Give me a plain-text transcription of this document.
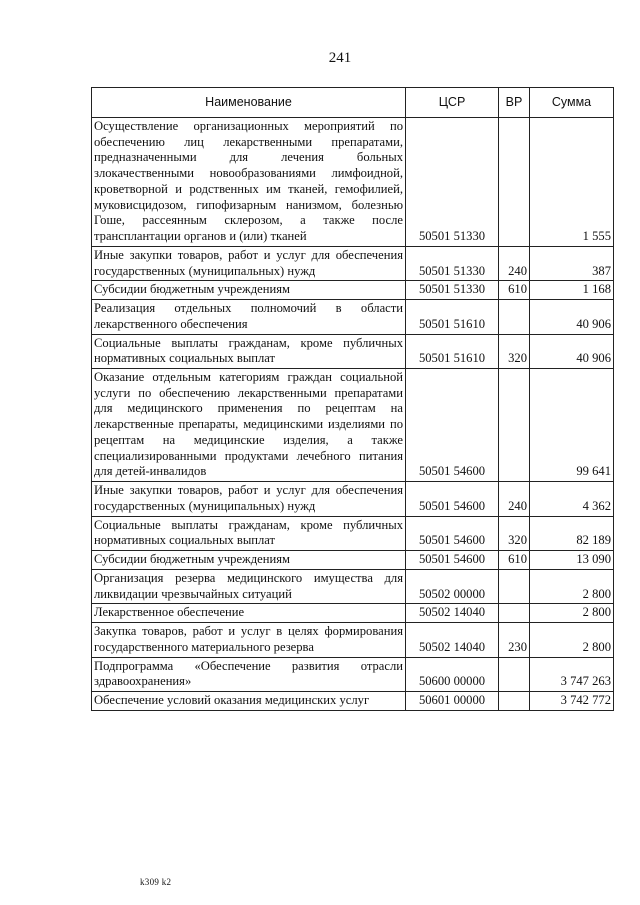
241
Наименование	ЦСР	ВР	Сумма
Осуществление организационных мероприятий по обеспечению лиц лекарственными препаратами, предназначенными для лечения больных злокачественными новообразованиями лимфоидной, кроветворной и родственных им тканей, гемофилией, муковисцидозом, гипофизарным нанизмом, болезнью Гоше, рассеянным склерозом, а также после трансплантации органов и (или) тканей	50501 51330		1 555
Иные закупки товаров, работ и услуг для обеспечения государственных (муниципальных) нужд	50501 51330	240	387
Субсидии бюджетным учреждениям	50501 51330	610	1 168
Реализация отдельных полномочий в области лекарственного обеспечения	50501 51610		40 906
Социальные выплаты гражданам, кроме публичных нормативных социальных выплат	50501 51610	320	40 906
Оказание отдельным категориям граждан социальной услуги по обеспечению лекарственными препаратами для медицинского применения по рецептам на лекарственные препараты, медицинскими изделиями по рецептам на медицинские изделия, а также специализированными продуктами лечебного питания для детей-инвалидов	50501 54600		99 641
Иные закупки товаров, работ и услуг для обеспечения государственных (муниципальных) нужд	50501 54600	240	4 362
Социальные выплаты гражданам, кроме публичных нормативных социальных выплат	50501 54600	320	82 189
Субсидии бюджетным учреждениям	50501 54600	610	13 090
Организация резерва медицинского имущества для ликвидации чрезвычайных ситуаций	50502 00000		2 800
Лекарственное обеспечение	50502 14040		2 800
Закупка товаров, работ и услуг в целях формирования государственного материального резерва	50502 14040	230	2 800
Подпрограмма «Обеспечение развития отрасли здравоохранения»	50600 00000		3 747 263
Обеспечение условий оказания медицинских услуг	50601 00000		3 742 772
k309 k2
